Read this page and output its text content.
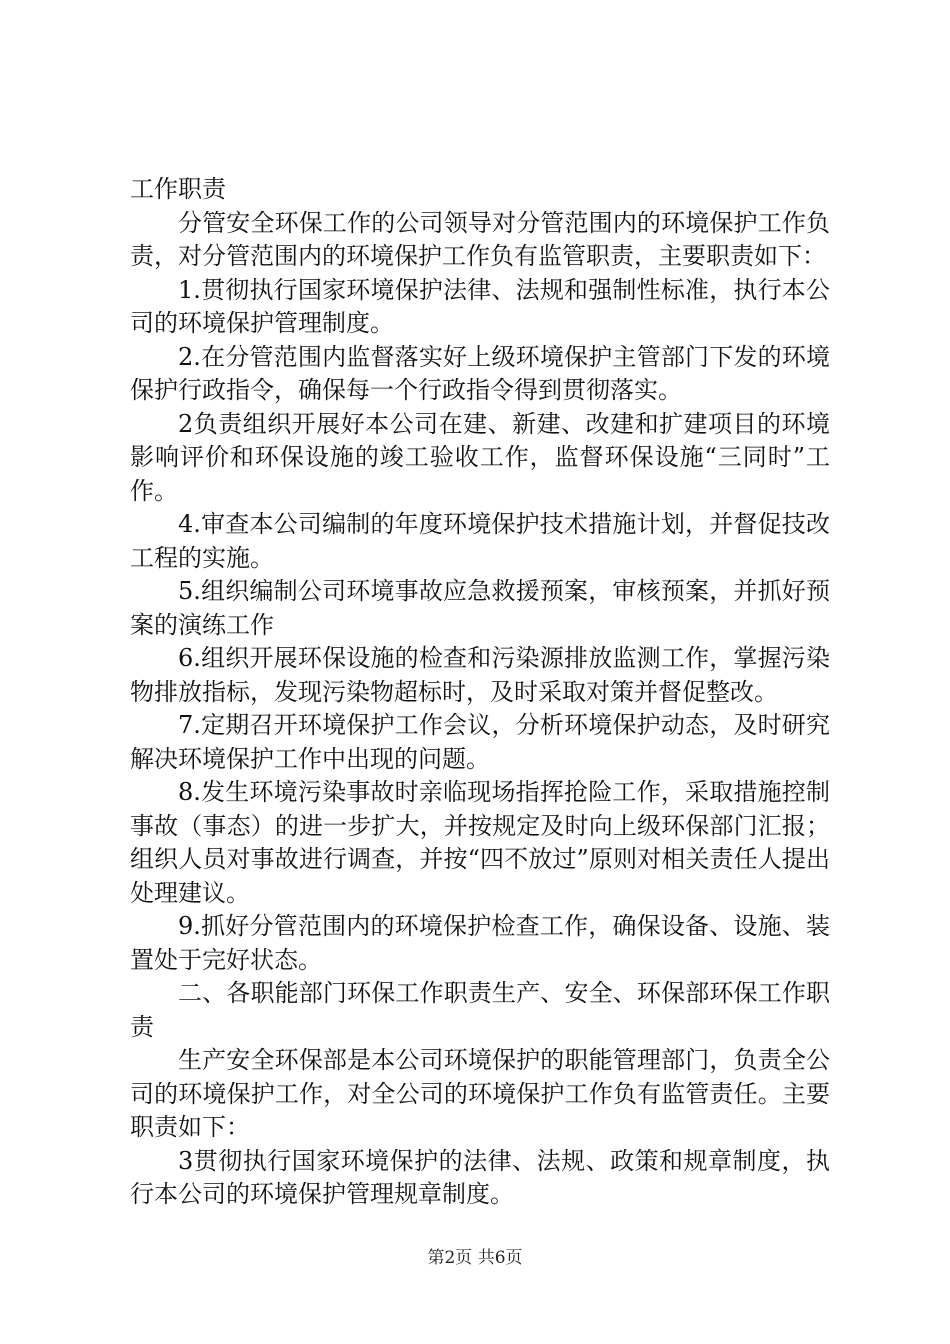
工作职责

分管安全环保工作的公司领导对分管范围内的环境保护工作负责，对分管范围内的环境保护工作负有监管职责，主要职责如下：

1.贯彻执行国家环境保护法律、法规和强制性标准，执行本公司的环境保护管理制度。

2.在分管范围内监督落实好上级环境保护主管部门下发的环境保护行政指令，确保每一个行政指令得到贯彻落实。

2负责组织开展好本公司在建、新建、改建和扩建项目的环境影响评价和环保设施的竣工验收工作，监督环保设施“三同时”工作。

4.审查本公司编制的年度环境保护技术措施计划，并督促技改工程的实施。

5.组织编制公司环境事故应急救援预案，审核预案，并抓好预案的演练工作

6.组织开展环保设施的检查和污染源排放监测工作，掌握污染物排放指标，发现污染物超标时，及时采取对策并督促整改。

7.定期召开环境保护工作会议，分析环境保护动态，及时研究解决环境保护工作中出现的问题。

8.发生环境污染事故时亲临现场指挥抢险工作，采取措施控制事故（事态）的进一步扩大，并按规定及时向上级环保部门汇报；组织人员对事故进行调查，并按“四不放过”原则对相关责任人提出处理建议。

9.抓好分管范围内的环境保护检查工作，确保设备、设施、装置处于完好状态。

二、各职能部门环保工作职责生产、安全、环保部环保工作职责

生产安全环保部是本公司环境保护的职能管理部门，负责全公司的环境保护工作，对全公司的环境保护工作负有监管责任。主要职责如下：

3贯彻执行国家环境保护的法律、法规、政策和规章制度，执行本公司的环境保护管理规章制度。

第2页 共6页
